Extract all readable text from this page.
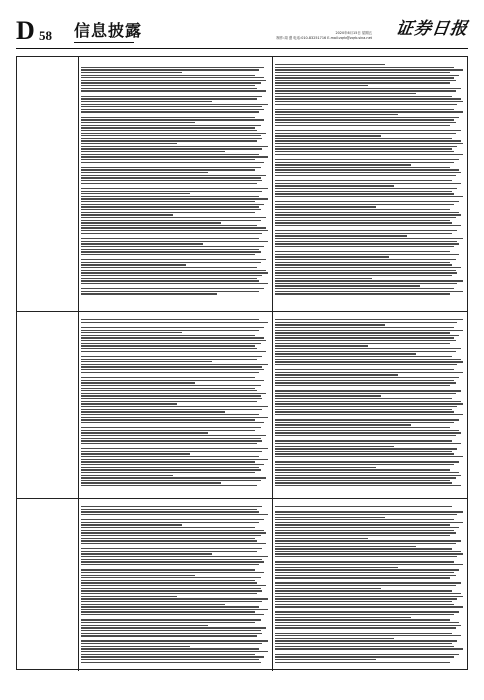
D 58 信息披露	2020年6月15日 星期五
制作:周 澄 电话:010-83251716 E-mail:zqrb@zqrb.sina.net 证券日报
